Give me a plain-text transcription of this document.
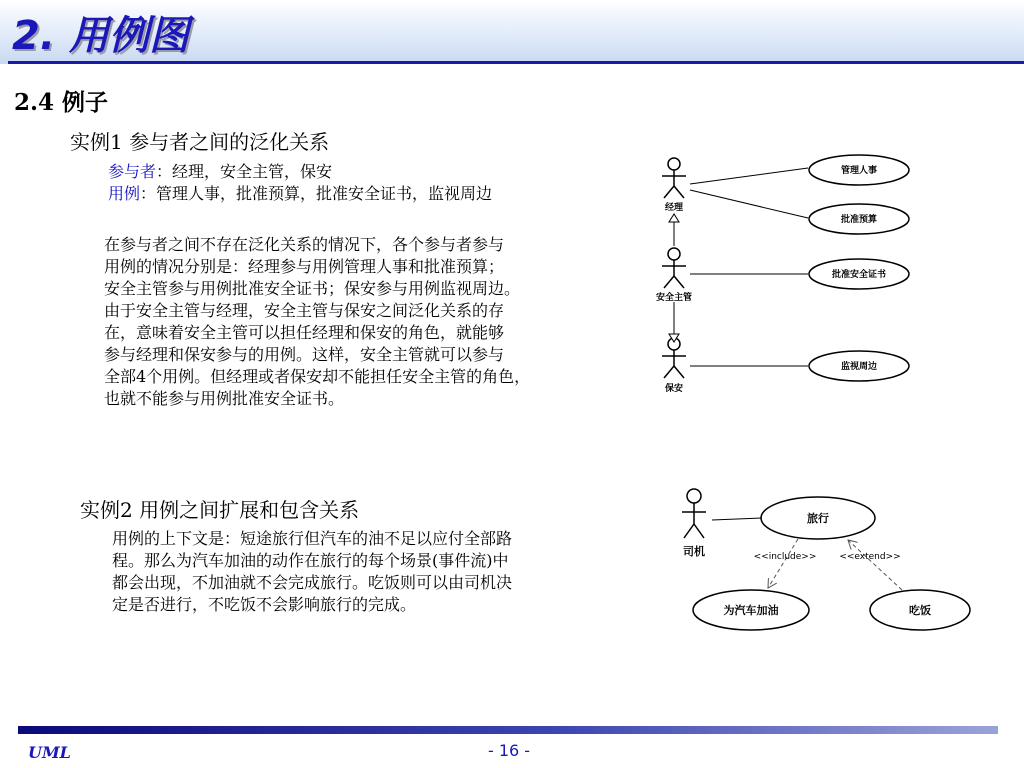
2. 用例图
2.4 例子
实例1 参与者之间的泛化关系
参与者：经理，安全主管，保安
用例：管理人事，批准预算，批准安全证书，监视周边
在参与者之间不存在泛化关系的情况下，各个参与者参与
用例的情况分别是：经理参与用例管理人事和批准预算；
安全主管参与用例批准安全证书；保安参与用例监视周边。
由于安全主管与经理，安全主管与保安之间泛化关系的存
在，意味着安全主管可以担任经理和保安的角色，就能够
参与经理和保安参与的用例。这样，安全主管就可以参与
全部4个用例。但经理或者保安却不能担任安全主管的角色，
也就不能参与用例批准安全证书。
经理
安全主管
保安
管理人事
批准预算
批准安全证书
监视周边
实例2 用例之间扩展和包含关系
用例的上下文是：短途旅行但汽车的油不足以应付全部路
程。那么为汽车加油的动作在旅行的每个场景(事件流)中
都会出现，不加油就不会完成旅行。吃饭则可以由司机决
定是否进行，不吃饭不会影响旅行的完成。
司机
旅行
为汽车加油	吃饭
<<include>>	<<extend>>
UML	- 16 -
